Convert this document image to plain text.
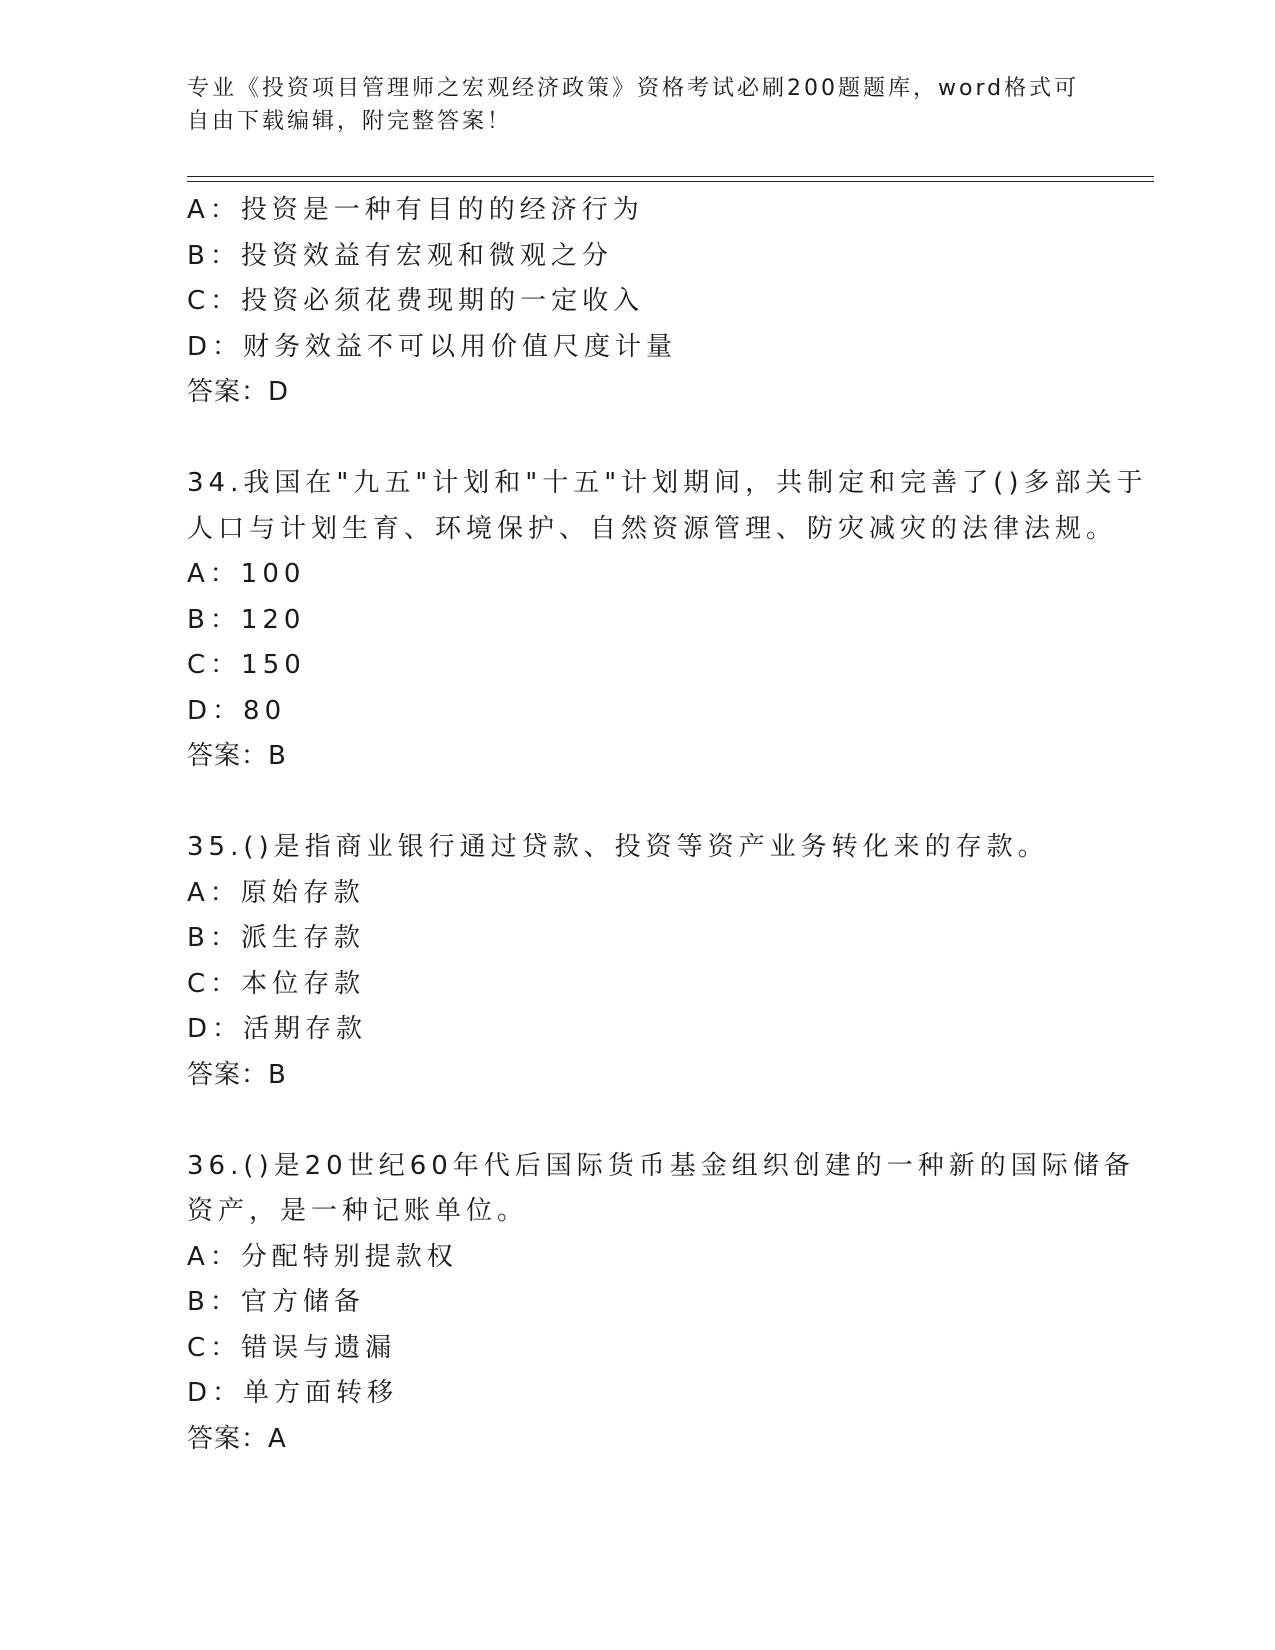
专业《投资项目管理师之宏观经济政策》资格考试必刷200题题库，word格式可
自由下载编辑，附完整答案！
A：投资是一种有目的的经济行为
B：投资效益有宏观和微观之分
C：投资必须花费现期的一定收入
D：财务效益不可以用价值尺度计量
答案：D
34.我国在"九五"计划和"十五"计划期间，共制定和完善了()多部关于
人口与计划生育、环境保护、自然资源管理、防灾减灾的法律法规。
A：100
B：120
C：150
D：80
答案：B
35.()是指商业银行通过贷款、投资等资产业务转化来的存款。
A：原始存款
B：派生存款
C：本位存款
D：活期存款
答案：B
36.()是20世纪60年代后国际货币基金组织创建的一种新的国际储备
资产，是一种记账单位。
A：分配特别提款权
B：官方储备
C：错误与遗漏
D：单方面转移
答案：A
